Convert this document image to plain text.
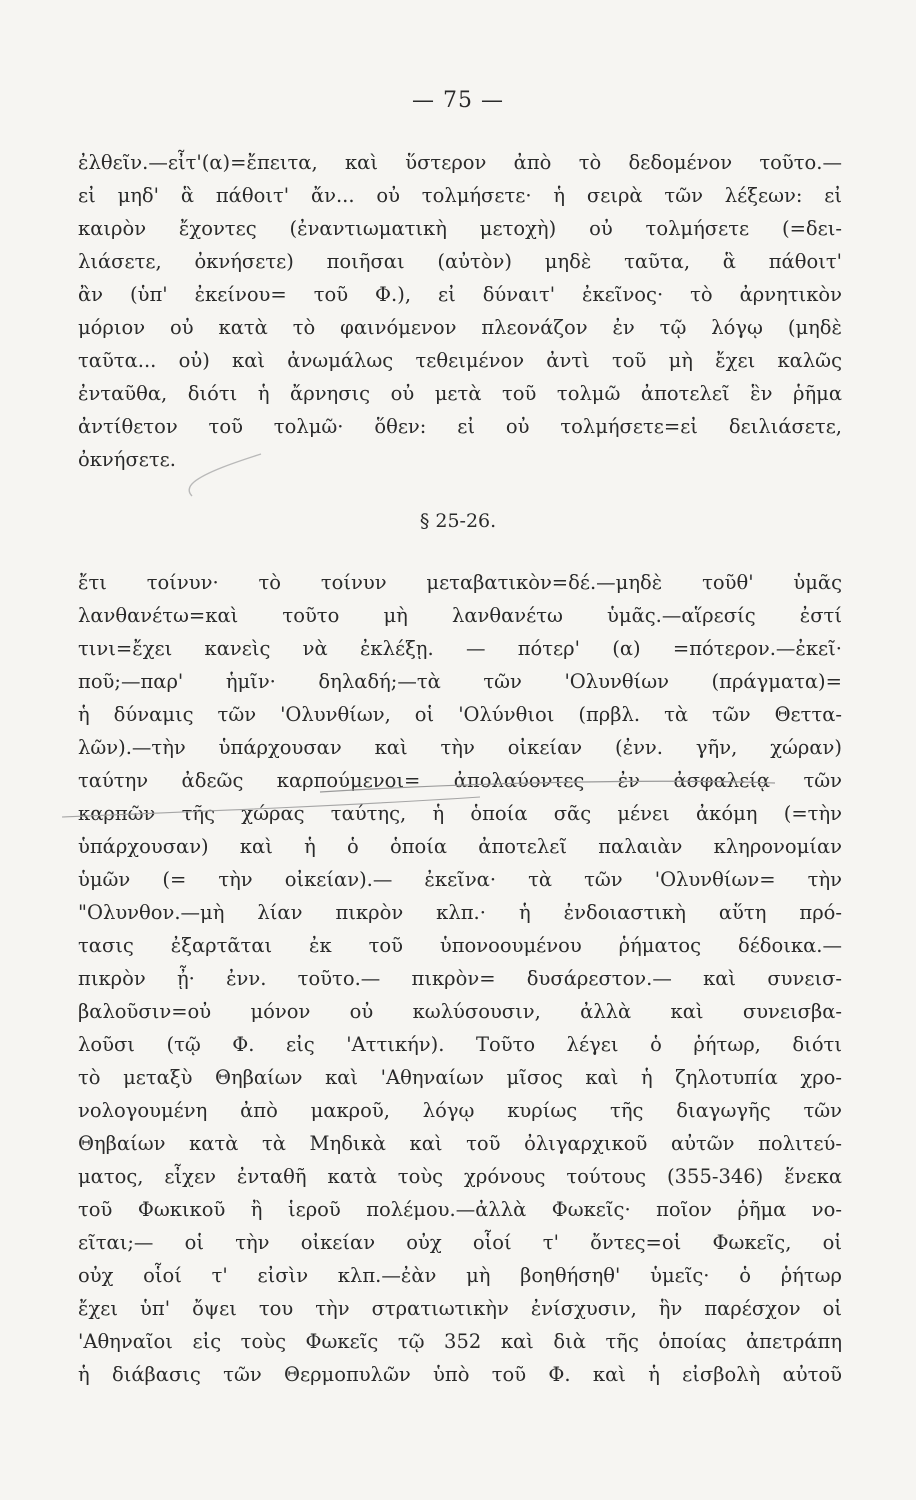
— 75 —
ἐλθεῖν.—εἶτ'(α)=ἔπειτα, καὶ ὕστερον ἀπὸ τὸ δεδομένον τοῦτο.—
εἰ μηδ' ἃ πάθοιτ' ἄν... οὐ τολμήσετε· ἡ σειρὰ τῶν λέξεων: εἰ
καιρὸν ἔχοντες (ἐναντιωματικὴ μετοχὴ) οὐ τολμήσετε (=δει-
λιάσετε, ὀκνήσετε) ποιῆσαι (αὐτὸν) μηδὲ ταῦτα, ἃ πάθοιτ'
ἂν (ὑπ' ἐκείνου= τοῦ Φ.), εἰ δύναιτ' ἐκεῖνος· τὸ ἀρνητικὸν
μόριον οὐ κατὰ τὸ φαινόμενον πλεονάζον ἐν τῷ λόγῳ (μηδὲ
ταῦτα... οὐ) καὶ ἀνωμάλως τεθειμένον ἀντὶ τοῦ μὴ ἔχει καλῶς
ἐνταῦθα, διότι ἡ ἄρνησις οὐ μετὰ τοῦ τολμῶ ἀποτελεῖ ἓν ῥῆμα
ἀντίθετον τοῦ τολμῶ· ὅθεν: εἰ οὐ τολμήσετε=εἰ δειλιάσετε,
ὀκνήσετε.
§ 25-26.
ἔτι τοίνυν· τὸ τοίνυν μεταβατικὸν=δέ.—μηδὲ τοῦθ' ὑμᾶς
λανθανέτω=καὶ τοῦτο μὴ λανθανέτω ὑμᾶς.—αἵρεσίς ἐστί
τινι=ἔχει κανεὶς νὰ ἐκλέξῃ. — πότερ' (α) =πότερον.—ἐκεῖ·
ποῦ;—παρ' ἡμῖν· δηλαδή;—τὰ τῶν 'Ολυνθίων (πράγματα)=
ἡ δύναμις τῶν 'Ολυνθίων, οἱ 'Ολύνθιοι (πρβλ. τὰ τῶν Θεττα-
λῶν).—τὴν ὑπάρχουσαν καὶ τὴν οἰκείαν (ἐνν. γῆν, χώραν)
ταύτην ἀδεῶς καρπούμενοι= ἀπολαύοντες ἐν ἀσφαλείᾳ τῶν
καρπῶν τῆς χώρας ταύτης, ἡ ὁποία σᾶς μένει ἀκόμη (=τὴν
ὑπάρχουσαν) καὶ ἡ ὁ ὁποία ἀποτελεῖ παλαιὰν κληρονομίαν
ὑμῶν (= τὴν οἰκείαν).— ἐκεῖνα· τὰ τῶν 'Ολυνθίων= τὴν
"Ολυνθον.—μὴ λίαν πικρὸν κλπ.· ἡ ἐνδοιαστικὴ αὕτη πρό-
τασις ἐξαρτᾶται ἐκ τοῦ ὑπονοουμένου ῥήματος δέδοικα.—
πικρὸν ᾖ· ἐνν. τοῦτο.— πικρὸν= δυσάρεστον.— καὶ συνεισ-
βαλοῦσιν=οὐ μόνον οὐ κωλύσουσιν, ἀλλὰ καὶ συνεισβα-
λοῦσι (τῷ Φ. εἰς 'Αττικήν). Τοῦτο λέγει ὁ ῥήτωρ, διότι
τὸ μεταξὺ Θηβαίων καὶ 'Αθηναίων μῖσος καὶ ἡ ζηλοτυπία χρο-
νολογουμένη ἀπὸ μακροῦ, λόγῳ κυρίως τῆς διαγωγῆς τῶν
Θηβαίων κατὰ τὰ Μηδικὰ καὶ τοῦ ὀλιγαρχικοῦ αὐτῶν πολιτεύ-
ματος, εἶχεν ἐνταθῆ κατὰ τοὺς χρόνους τούτους (355-346) ἕνεκα
τοῦ Φωκικοῦ ἢ ἱεροῦ πολέμου.—ἀλλὰ Φωκεῖς· ποῖον ῥῆμα νο-
εῖται;— οἱ τὴν οἰκείαν οὐχ οἷοί τ' ὄντες=οἱ Φωκεῖς, οἱ
οὐχ οἷοί τ' εἰσὶν κλπ.—ἐὰν μὴ βοηθήσηθ' ὑμεῖς· ὁ ῥήτωρ
ἔχει ὑπ' ὄψει του τὴν στρατιωτικὴν ἐνίσχυσιν, ἣν παρέσχον οἱ
'Αθηναῖοι εἰς τοὺς Φωκεῖς τῷ 352 καὶ διὰ τῆς ὁποίας ἀπετράπη
ἡ διάβασις τῶν Θερμοπυλῶν ὑπὸ τοῦ Φ. καὶ ἡ εἰσβολὴ αὐτοῦ
